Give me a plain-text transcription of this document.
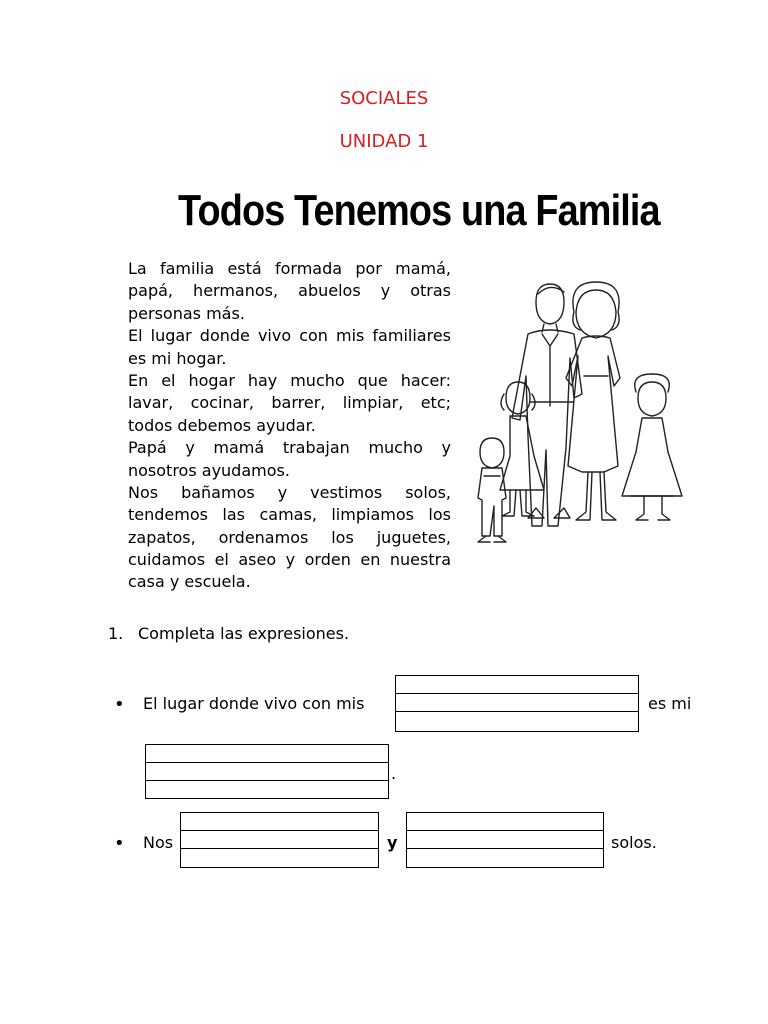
SOCIALES
UNIDAD 1
Todos Tenemos una Familia
La familia está formada por mamá,
papá, hermanos, abuelos y otras
personas más.
El lugar donde vivo con mis familiares
es mi hogar.
En el hogar hay mucho que hacer:
lavar, cocinar, barrer, limpiar, etc;
todos debemos ayudar.
Papá y mamá trabajan mucho y
nosotros ayudamos.
Nos bañamos y vestimos solos,
tendemos las camas, limpiamos los
zapatos, ordenamos los juguetes,
cuidamos el aseo y orden en nuestra
casa y escuela.
1. Completa las expresiones.
• El lugar donde vivo con mis	es mi
.
• Nos	y	solos.
